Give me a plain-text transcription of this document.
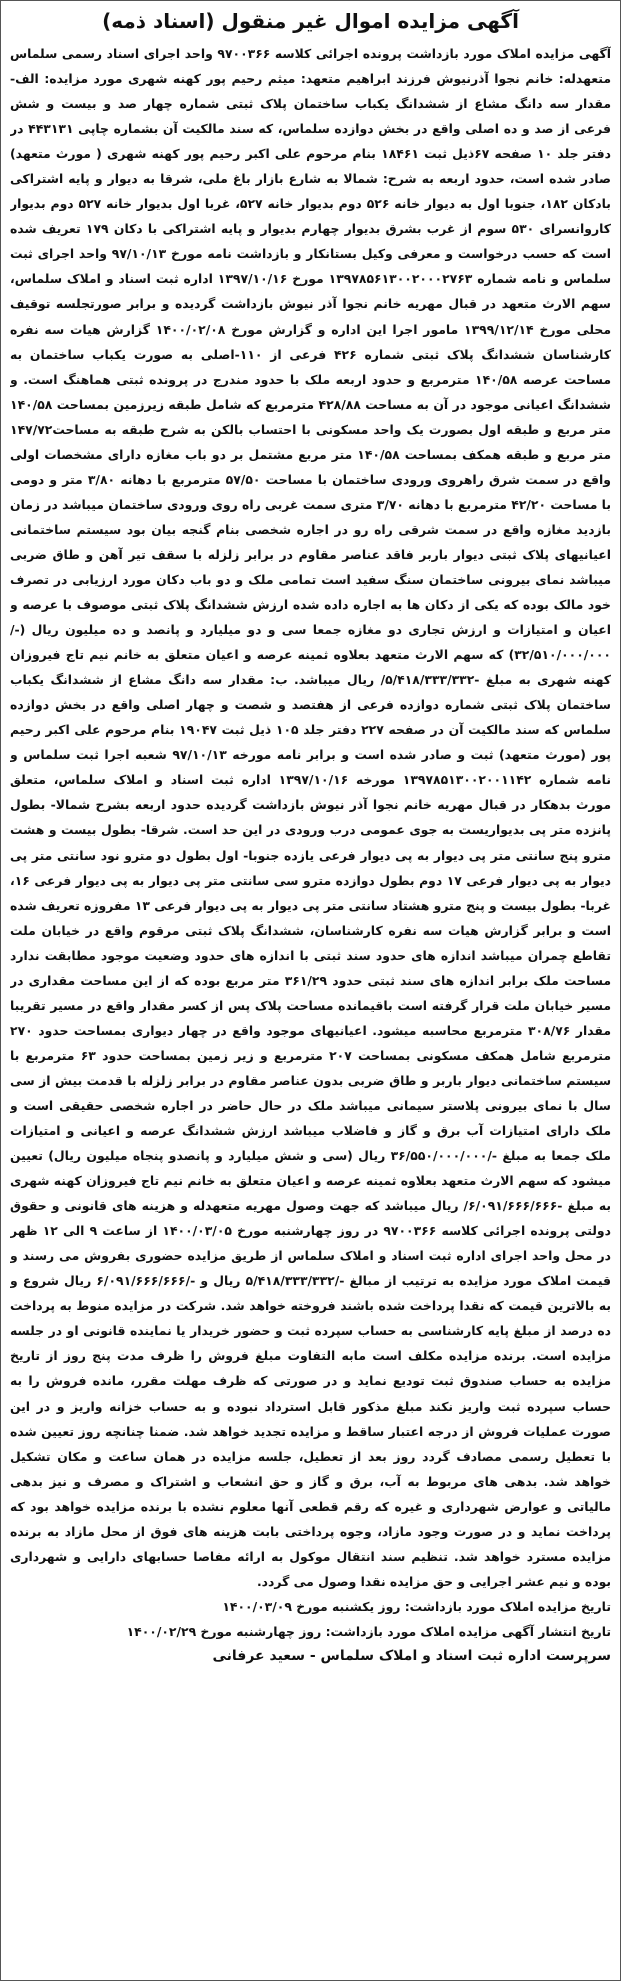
آگهی مزایده اموال غیر منقول (اسناد ذمه)

آگهی مزایده املاک مورد بازداشت پرونده اجرائی کلاسه ۹۷۰۰۳۶۶ واحد اجرای اسناد رسمی سلماس متعهدله: خانم نجوا آذرنیوش فرزند ابراهیم متعهد: میثم رحیم پور کهنه شهری مورد مزایده: الف- مقدار سه دانگ مشاع از ششدانگ یکباب ساختمان پلاک ثبتی شماره چهار صد و بیست و شش فرعی از صد و ده اصلی واقع در بخش دوازده سلماس، که سند مالکیت آن بشماره چاپی ۴۴۳۱۳۱ در دفتر جلد ۱۰ صفحه ۶۷ذیل ثبت ۱۸۴۶۱ بنام مرحوم علی اکبر رحیم پور کهنه شهری ( مورث متعهد) صادر شده است، حدود اربعه به شرح: شمالا به شارع بازار باغ ملی، شرقا به دیوار و پایه اشتراکی بادکان ۱۸۲، جنوبا اول به دیوار خانه ۵۲۶ دوم بدیوار خانه ۵۲۷، غربا اول بدیوار خانه ۵۲۷ دوم بدیوار کاروانسرای ۵۳۰ سوم از غرب بشرق بدیوار چهارم بدیوار و پایه اشتراکی با دکان ۱۷۹ تعریف شده است که حسب درخواست و معرفی وکیل بستانکار و بازداشت نامه مورخ ۹۷/۱۰/۱۳ واحد اجرای ثبت سلماس و نامه شماره ۱۳۹۷۸۵۶۱۳۰۰۲۰۰۰۲۷۶۳ مورخ ۱۳۹۷/۱۰/۱۶ اداره ثبت اسناد و املاک سلماس، سهم الارث متعهد در قبال مهریه خانم نجوا آذر نیوش بازداشت گردیده و برابر صورتجلسه توقیف محلی مورخ ۱۳۹۹/۱۲/۱۴ مامور اجرا این اداره و گزارش مورخ ۱۴۰۰/۰۲/۰۸ گزارش هیات سه نفره کارشناسان ششدانگ پلاک ثبتی شماره ۴۲۶ فرعی از ۱۱۰-اصلی به صورت یکباب ساختمان به مساحت عرصه ۱۴۰/۵۸ مترمربع و حدود اربعه ملک با حدود مندرج در پرونده ثبتی هماهنگ است. و ششدانگ اعیانی موجود در آن به مساحت ۴۲۸/۸۸ مترمربع که شامل طبقه زیرزمین بمساحت ۱۴۰/۵۸ متر مربع و طبقه اول بصورت یک واحد مسکونی با احتساب بالکن به شرح طبقه به مساحت۱۴۷/۷۲ متر مربع و طبقه همکف بمساحت ۱۴۰/۵۸ متر مربع مشتمل بر دو باب مغازه دارای مشخصات اولی واقع در سمت شرق راهروی ورودی ساختمان با مساحت ۵۷/۵۰ مترمربع با دهانه ۳/۸۰ متر و دومی با مساحت ۴۲/۲۰ مترمربع با دهانه ۳/۷۰ متری سمت غربی راه روی ورودی ساختمان میباشد در زمان بازدید مغازه واقع در سمت شرقی راه رو در اجاره شخصی بنام گنجه بیان بود سیستم ساختمانی اعیانیهای پلاک ثبتی دیوار باربر فاقد عناصر مقاوم در برابر زلزله با سقف تیر آهن و طاق ضربی میباشد نمای بیرونی ساختمان سنگ سفید است تمامی ملک و دو باب دکان مورد ارزیابی در تصرف خود مالک بوده که یکی از دکان ها به اجاره داده شده ارزش ششدانگ پلاک ثبتی موصوف با عرصه و اعیان و امتیازات و ارزش تجاری دو مغازه جمعا سی و دو میلیارد و پانصد و ده میلیون ریال (-/۳۲/۵۱۰/۰۰۰/۰۰۰) که سهم الارث متعهد بعلاوه ثمینه عرصه و اعیان متعلق به خانم نیم تاج فیروزان کهنه شهری به مبلغ -۵/۴۱۸/۳۳۳/۳۳۲/ ریال میباشد. ب: مقدار سه دانگ مشاع از ششدانگ یکباب ساختمان پلاک ثبتی شماره دوازده فرعی از هفتصد و شصت و چهار اصلی واقع در بخش دوازده سلماس که سند مالکیت آن در صفحه ۲۲۷ دفتر جلد ۱۰۵ ذیل ثبت ۱۹۰۴۷ بنام مرحوم علی اکبر رحیم پور (مورث متعهد) ثبت و صادر شده است و برابر نامه مورخه ۹۷/۱۰/۱۳ شعبه اجرا ثبت سلماس و نامه شماره ۱۳۹۷۸۵۱۳۰۰۲۰۰۱۱۴۲ مورخه ۱۳۹۷/۱۰/۱۶ اداره ثبت اسناد و املاک سلماس، متعلق مورث بدهکار در قبال مهریه خانم نجوا آذر نیوش بازداشت گردیده حدود اربعه بشرح شمالا- بطول پانزده متر پی بدیواریست به جوی عمومی درب ورودی در این حد است. شرقا- بطول بیست و هشت مترو پنج سانتی متر پی دیوار به پی دیوار فرعی یازده جنوبا- اول بطول دو مترو نود سانتی متر پی دیوار به پی دیوار فرعی ۱۷ دوم بطول دوازده مترو سی سانتی متر پی دیوار به پی دیوار فرعی ۱۶، غربا- بطول بیست و پنج مترو هشتاد سانتی متر پی دیوار به پی دیوار فرعی ۱۳ مفروزه تعریف شده است و برابر گزارش هیات سه نفره کارشناسان، ششدانگ پلاک ثبتی مرقوم واقع در خیابان ملت تقاطع چمران میباشد اندازه های حدود سند ثبتی با اندازه های حدود وضعیت موجود مطابقت ندارد مساحت ملک برابر اندازه های سند ثبتی حدود ۳۶۱/۲۹ متر مربع بوده که از این مساحت مقداری در مسیر خیابان ملت قرار گرفته است باقیمانده مساحت پلاک پس از کسر مقدار واقع در مسیر تقریبا مقدار ۳۰۸/۷۶ مترمربع محاسبه میشود. اعیانیهای موجود واقع در چهار دیواری بمساحت حدود ۲۷۰ مترمربع شامل همکف مسکونی بمساحت ۲۰۷ مترمربع و زیر زمین بمساحت حدود ۶۳ مترمربع با سیستم ساختمانی دیوار باربر و طاق ضربی بدون عناصر مقاوم در برابر زلزله با قدمت بیش از سی سال با نمای بیرونی پلاستر سیمانی میباشد ملک در حال حاضر در اجاره شخصی حقیقی است و ملک دارای امتیازات آب برق و گاز و فاضلاب میباشد ارزش ششدانگ عرصه و اعیانی و امتیازات ملک جمعا به مبلغ -/۳۶/۵۵۰/۰۰۰/۰۰۰ ریال (سی و شش میلیارد و پانصدو پنجاه میلیون ریال) تعیین میشود که سهم الارث متعهد بعلاوه ثمینه عرصه و اعیان متعلق به خانم نیم تاج فیروزان کهنه شهری به مبلغ -۶/۰۹۱/۶۶۶/۶۶۶/ ریال میباشد که جهت وصول مهریه متعهدله و هزینه های قانونی و حقوق دولتی پرونده اجرائی کلاسه ۹۷۰۰۳۶۶ در روز چهارشنبه مورخ ۱۴۰۰/۰۳/۰۵ از ساعت ۹ الی ۱۲ ظهر در محل واحد اجرای اداره ثبت اسناد و املاک سلماس از طریق مزایده حضوری بفروش می رسند و قیمت املاک مورد مزایده به ترتیب از مبالغ -/۵/۴۱۸/۳۳۳/۳۳۲ ریال و -/۶/۰۹۱/۶۶۶/۶۶۶ ریال شروع و به بالاترین قیمت که نقدا پرداخت شده باشند فروخته خواهد شد. شرکت در مزایده منوط به پرداخت ده درصد از مبلغ پایه کارشناسی به حساب سپرده ثبت و حضور خریدار یا نماینده قانونی او در جلسه مزایده است. برنده مزایده مکلف است مابه التفاوت مبلغ فروش را ظرف مدت پنج روز از تاریخ مزایده به حساب صندوق ثبت تودیع نماید و در صورتی که ظرف مهلت مقرر، مانده فروش را به حساب سپرده ثبت واریز نکند مبلغ مذکور قابل استرداد نبوده و به حساب خزانه واریز و در این صورت عملیات فروش از درجه اعتبار ساقط و مزایده تجدید خواهد شد. ضمنا چنانچه روز تعیین شده با تعطیل رسمی مصادف گردد روز بعد از تعطیل، جلسه مزایده در همان ساعت و مکان تشکیل خواهد شد. بدهی های مربوط به آب، برق و گاز و حق انشعاب و اشتراک و مصرف و نیز بدهی مالیاتی و عوارض شهرداری و غیره که رقم قطعی آنها معلوم نشده با برنده مزایده خواهد بود که پرداخت نماید و در صورت وجود مازاد، وجوه پرداختی بابت هزینه های فوق از محل مازاد به برنده مزایده مسترد خواهد شد. تنظیم سند انتقال موکول به ارائه مفاصا حسابهای دارایی و شهرداری بوده و نیم عشر اجرایی و حق مزایده نقدا وصول می گردد.

تاریخ مزایده املاک مورد بازداشت: روز یکشنبه مورخ ۱۴۰۰/۰۳/۰۹

تاریخ انتشار آگهی مزایده املاک مورد بازداشت: روز چهارشنبه مورخ ۱۴۰۰/۰۲/۲۹

سرپرست اداره ثبت اسناد و املاک سلماس - سعید عرفانی
